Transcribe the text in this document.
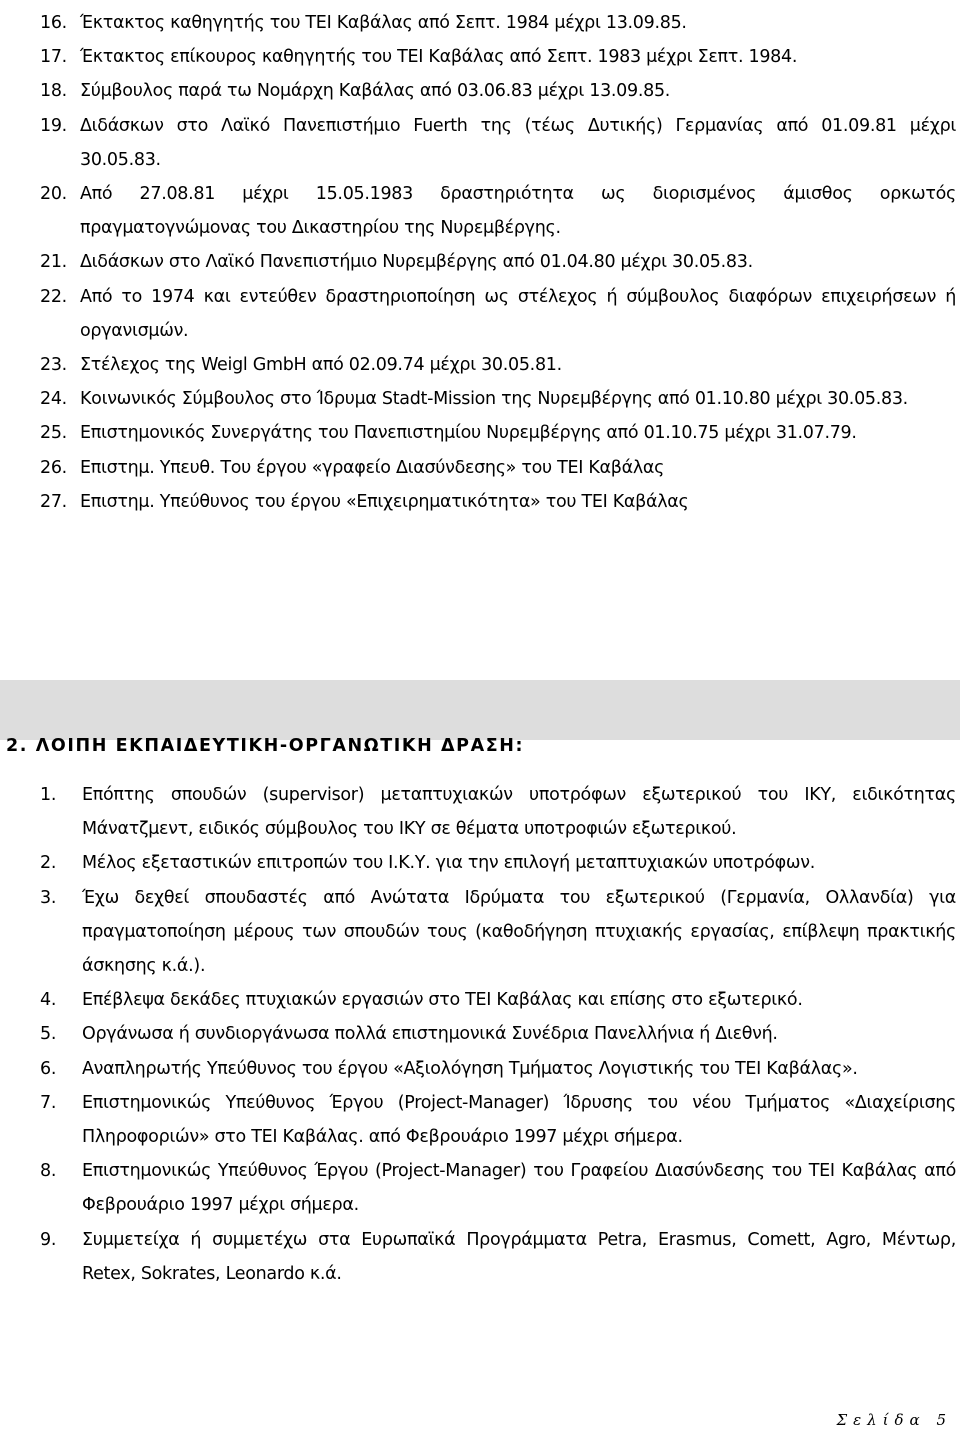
16. Έκτακτος καθηγητής του ΤΕΙ Καβάλας από Σεπτ. 1984 μέχρι 13.09.85.
17. Έκτακτος επίκουρος καθηγητής του ΤΕΙ Καβάλας από Σεπτ. 1983 μέχρι Σεπτ. 1984.
18. Σύμβουλος παρά τω Νομάρχη Καβάλας από 03.06.83 μέχρι 13.09.85.
19. Διδάσκων στο Λαϊκό Πανεπιστήμιο Fuerth της (τέως Δυτικής) Γερμανίας από 01.09.81 μέχρι 30.05.83.
20. Από 27.08.81 μέχρι 15.05.1983 δραστηριότητα ως διορισμένος άμισθος ορκωτός πραγματογνώμονας του Δικαστηρίου της Νυρεμβέργης.
21. Διδάσκων στο Λαϊκό Πανεπιστήμιο Νυρεμβέργης από 01.04.80 μέχρι 30.05.83.
22. Από το 1974 και εντεύθεν δραστηριοποίηση ως στέλεχος ή σύμβουλος διαφόρων επιχειρήσεων ή οργανισμών.
23. Στέλεχος της Weigl GmbH από 02.09.74 μέχρι 30.05.81.
24. Κοινωνικός Σύμβουλος στο Ίδρυμα Stadt-Mission της Νυρεμβέργης από 01.10.80 μέχρι 30.05.83.
25. Επιστημονικός Συνεργάτης του Πανεπιστημίου Νυρεμβέργης από 01.10.75 μέχρι 31.07.79.
26. Επιστημ. Υπευθ. Του έργου «γραφείο Διασύνδεσης» του ΤΕΙ Καβάλας
27. Επιστημ. Υπεύθυνος του έργου «Επιχειρηματικότητα» του ΤΕΙ Καβάλας
2. ΛΟΙΠΗ ΕΚΠΑΙΔΕΥΤΙΚΗ-ΟΡΓΑΝΩΤΙΚΗ ΔΡΑΣΗ:
1.	Επόπτης σπουδών (supervisor) μεταπτυχιακών υποτρόφων εξωτερικού του ΙΚΥ, ειδικότητας Μάνατζμεντ, ειδικός σύμβουλος του ΙΚΥ σε θέματα υποτροφιών εξωτερικού.
2.	Μέλος εξεταστικών επιτροπών του Ι.Κ.Υ. για την επιλογή μεταπτυχιακών υποτρόφων.
3.	Έχω δεχθεί σπουδαστές από Ανώτατα Ιδρύματα του εξωτερικού (Γερμανία, Ολλανδία) για πραγματοποίηση μέρους των σπουδών τους (καθοδήγηση πτυχιακής εργασίας, επίβλεψη πρακτικής άσκησης κ.ά.).
4.	Επέβλεψα δεκάδες πτυχιακών εργασιών στο ΤΕΙ Καβάλας και επίσης στο εξωτερικό.
5.	Οργάνωσα ή συνδιοργάνωσα πολλά επιστημονικά Συνέδρια Πανελλήνια ή Διεθνή.
6.	Αναπληρωτής Υπεύθυνος του έργου «Αξιολόγηση Τμήματος Λογιστικής του ΤΕΙ Καβάλας».
7.	Επιστημονικώς Υπεύθυνος Έργου (Project-Manager) Ίδρυσης του νέου Τμήματος «Διαχείρισης Πληροφοριών» στο ΤΕΙ Καβάλας. από Φεβρουάριο 1997 μέχρι σήμερα.
8.	Επιστημονικώς Υπεύθυνος Έργου (Project-Manager) του Γραφείου Διασύνδεσης του ΤΕΙ Καβάλας από Φεβρουάριο 1997 μέχρι σήμερα.
9.	Συμμετείχα ή συμμετέχω στα Ευρωπαϊκά Προγράμματα Petra, Erasmus, Comett, Agro, Μέντωρ, Retex, Sokrates, Leonardo κ.ά.
Σελίδα 5
